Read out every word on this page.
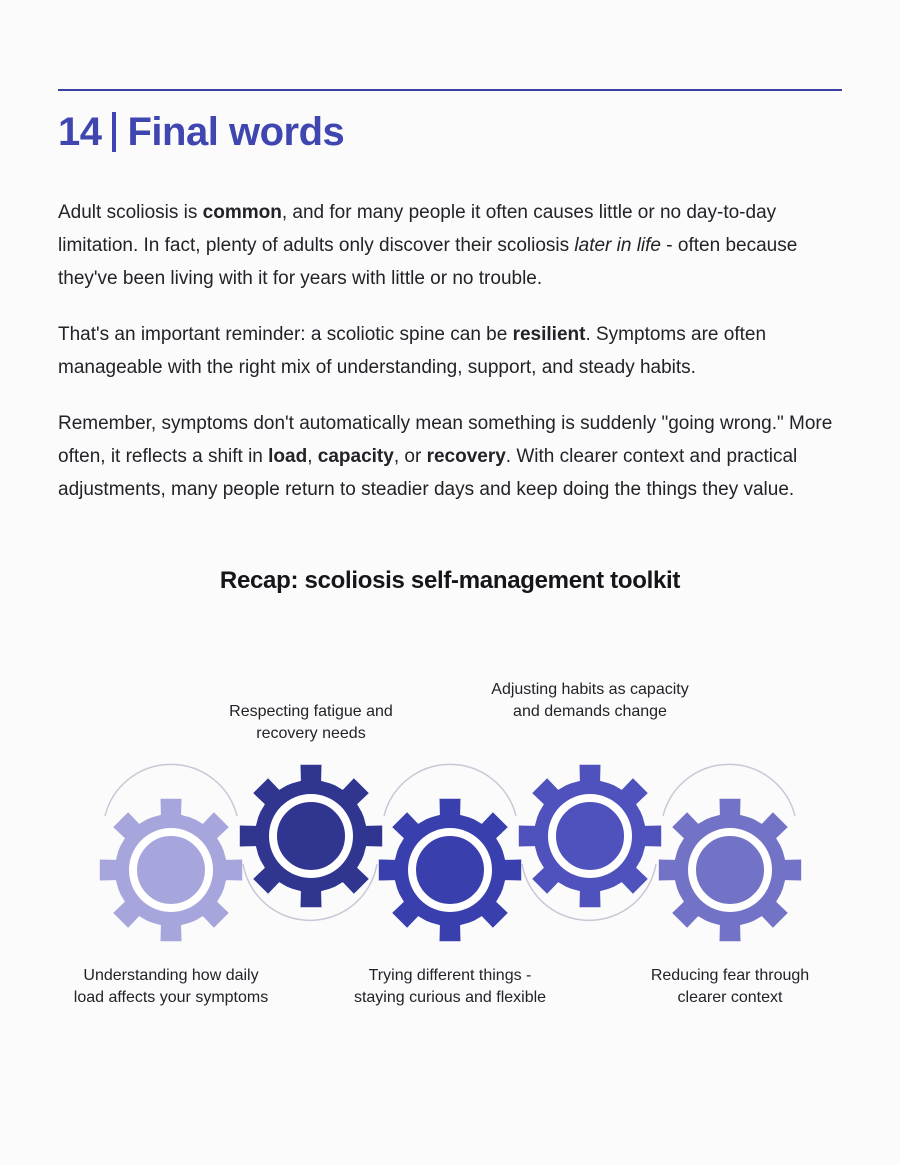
14 Final words

Adult scoliosis is common, and for many people it often causes little or no day-to-day limitation. In fact, plenty of adults only discover their scoliosis later in life - often because they've been living with it for years with little or no trouble.

That's an important reminder: a scoliotic spine can be resilient. Symptoms are often manageable with the right mix of understanding, support, and steady habits.

Remember, symptoms don't automatically mean something is suddenly "going wrong." More often, it reflects a shift in load, capacity, or recovery. With clearer context and practical adjustments, many people return to steadier days and keep doing the things they value.

Recap: scoliosis self-management toolkit
Respecting fatigue and recovery needs
Adjusting habits as capacity and demands change
Understanding how daily load affects your symptoms
Trying different things - staying curious and flexible
Reducing fear through clearer context
